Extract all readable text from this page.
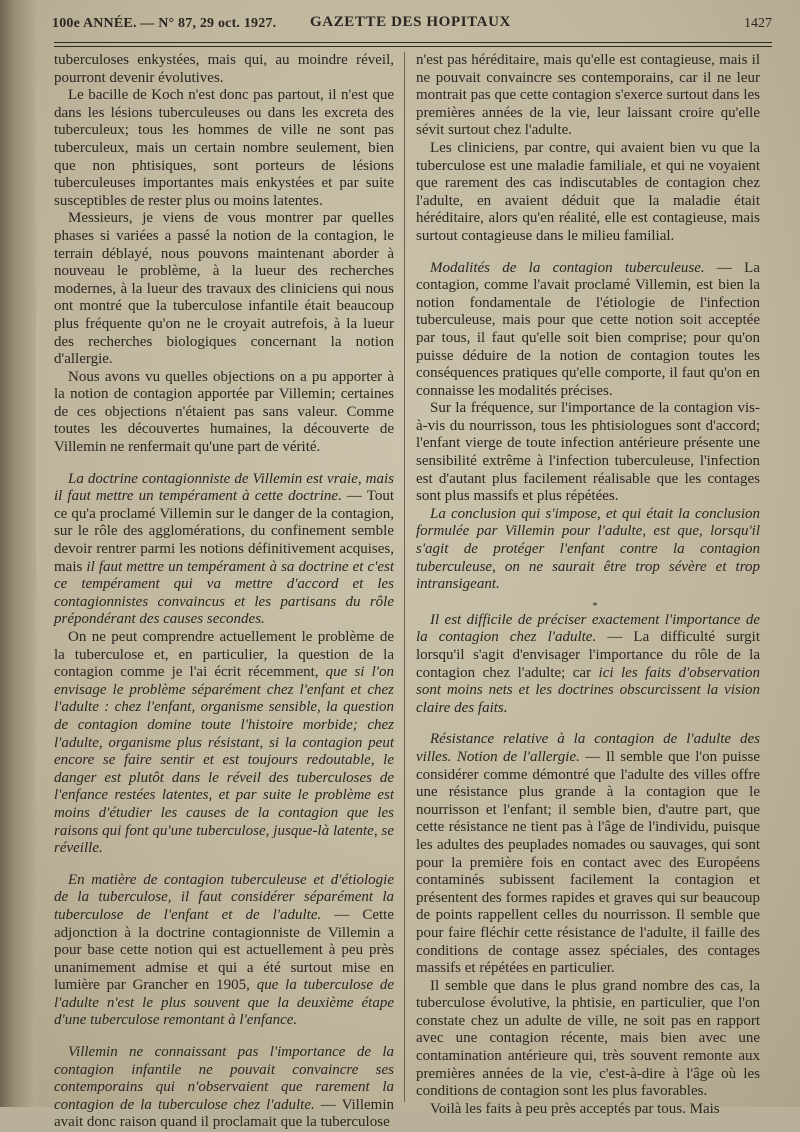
100e ANNÉE. — N° 87, 29 oct. 1927. GAZETTE DES HOPITAUX	1427

tuberculoses enkystées, mais qui, au moindre réveil, pourront devenir évolutives.

Le bacille de Koch n'est donc pas partout, il n'est que dans les lésions tuberculeuses ou dans les excreta des tuberculeux; tous les hommes de ville ne sont pas tuberculeux, mais un certain nombre seulement, bien que non phtisiques, sont porteurs de lésions tuberculeuses importantes mais enkystées et par suite susceptibles de rester plus ou moins latentes.

Messieurs, je viens de vous montrer par quelles phases si variées a passé la notion de la contagion, le terrain déblayé, nous pouvons maintenant aborder à nouveau le problème, à la lueur des recherches modernes, à la lueur des travaux des cliniciens qui nous ont montré que la tuberculose infantile était beaucoup plus fréquente qu'on ne le croyait autrefois, à la lueur des recherches biologiques concernant la notion d'allergie.

Nous avons vu quelles objections on a pu apporter à la notion de contagion apportée par Villemin; certaines de ces objections n'étaient pas sans valeur. Comme toutes les découvertes humaines, la découverte de Villemin ne renfermait qu'une part de vérité.

La doctrine contagionniste de Villemin est vraie, mais il faut mettre un tempérament à cette doctrine. — Tout ce qu'a proclamé Villemin sur le danger de la contagion, sur le rôle des agglomérations, du confinement semble devoir rentrer parmi les notions définitivement acquises, mais il faut mettre un tempérament à sa doctrine et c'est ce tempérament qui va mettre d'accord et les contagionnistes convaincus et les partisans du rôle prépondérant des causes secondes.

On ne peut comprendre actuellement le problème de la tuberculose et, en particulier, la question de la contagion comme je l'ai écrit récemment, que si l'on envisage le problème séparément chez l'enfant et chez l'adulte : chez l'enfant, organisme sensible, la question de contagion domine toute l'histoire morbide; chez l'adulte, organisme plus résistant, si la contagion peut encore se faire sentir et est toujours redoutable, le danger est plutôt dans le réveil des tuberculoses de l'enfance restées latentes, et par suite le problème est moins d'étudier les causes de la contagion que les raisons qui font qu'une tuberculose, jusque-là latente, se réveille.

En matière de contagion tuberculeuse et d'étiologie de la tuberculose, il faut considérer séparément la tuberculose de l'enfant et de l'adulte. — Cette adjonction à la doctrine contagionniste de Villemin a pour base cette notion qui est actuellement à peu près unanimement admise et qui a été surtout mise en lumière par Grancher en 1905, que la tuberculose de l'adulte n'est le plus souvent que la deuxième étape d'une tuberculose remontant à l'enfance.

Villemin ne connaissant pas l'importance de la contagion infantile ne pouvait convaincre ses contemporains qui n'observaient que rarement la contagion de la tuberculose chez l'adulte. — Villemin avait donc raison quand il proclamait que la tuberculose

n'est pas héréditaire, mais qu'elle est contagieuse, mais il ne pouvait convaincre ses contemporains, car il ne leur montrait pas que cette contagion s'exerce surtout dans les premières années de la vie, leur laissant croire qu'elle sévit surtout chez l'adulte.

Les cliniciens, par contre, qui avaient bien vu que la tuberculose est une maladie familiale, et qui ne voyaient que rarement des cas indiscutables de contagion chez l'adulte, en avaient déduit que la maladie était héréditaire, alors qu'en réalité, elle est contagieuse, mais surtout contagieuse dans le milieu familial.

Modalités de la contagion tuberculeuse. — La contagion, comme l'avait proclamé Villemin, est bien la notion fondamentale de l'étiologie de l'infection tuberculeuse, mais pour que cette notion soit acceptée par tous, il faut qu'elle soit bien comprise; pour qu'on puisse déduire de la notion de contagion toutes les conséquences pratiques qu'elle comporte, il faut qu'on en connaisse les modalités précises.

Sur la fréquence, sur l'importance de la contagion vis-à-vis du nourrisson, tous les phtisiologues sont d'accord; l'enfant vierge de toute infection antérieure présente une sensibilité extrême à l'infection tuberculeuse, l'infection est d'autant plus facilement réalisable que les contages sont plus massifs et plus répétées.

La conclusion qui s'impose, et qui était la conclusion formulée par Villemin pour l'adulte, est que, lorsqu'il s'agit de protéger l'enfant contre la contagion tuberculeuse, on ne saurait être trop sévère et trop intransigeant.

*

Il est difficile de préciser exactement l'importance de la contagion chez l'adulte. — La difficulté surgit lorsqu'il s'agit d'envisager l'importance du rôle de la contagion chez l'adulte; car ici les faits d'observation sont moins nets et les doctrines obscurcissent la vision claire des faits.

Résistance relative à la contagion de l'adulte des villes. Notion de l'allergie. — Il semble que l'on puisse considérer comme démontré que l'adulte des villes offre une résistance plus grande à la contagion que le nourrisson et l'enfant; il semble bien, d'autre part, que cette résistance ne tient pas à l'âge de l'individu, puisque les adultes des peuplades nomades ou sauvages, qui sont pour la première fois en contact avec des Européens contaminés subissent facilement la contagion et présentent des formes rapides et graves qui sur beaucoup de points rappellent celles du nourrisson. Il semble que pour faire fléchir cette résistance de l'adulte, il faille des conditions de contage assez spéciales, des contages massifs et répétées en particulier.

Il semble que dans le plus grand nombre des cas, la tuberculose évolutive, la phtisie, en particulier, que l'on constate chez un adulte de ville, ne soit pas en rapport avec une contagion récente, mais bien avec une contamination antérieure qui, très souvent remonte aux premières années de la vie, c'est-à-dire à l'âge où les conditions de contagion sont les plus favorables.

Voilà les faits à peu près acceptés par tous. Mais
